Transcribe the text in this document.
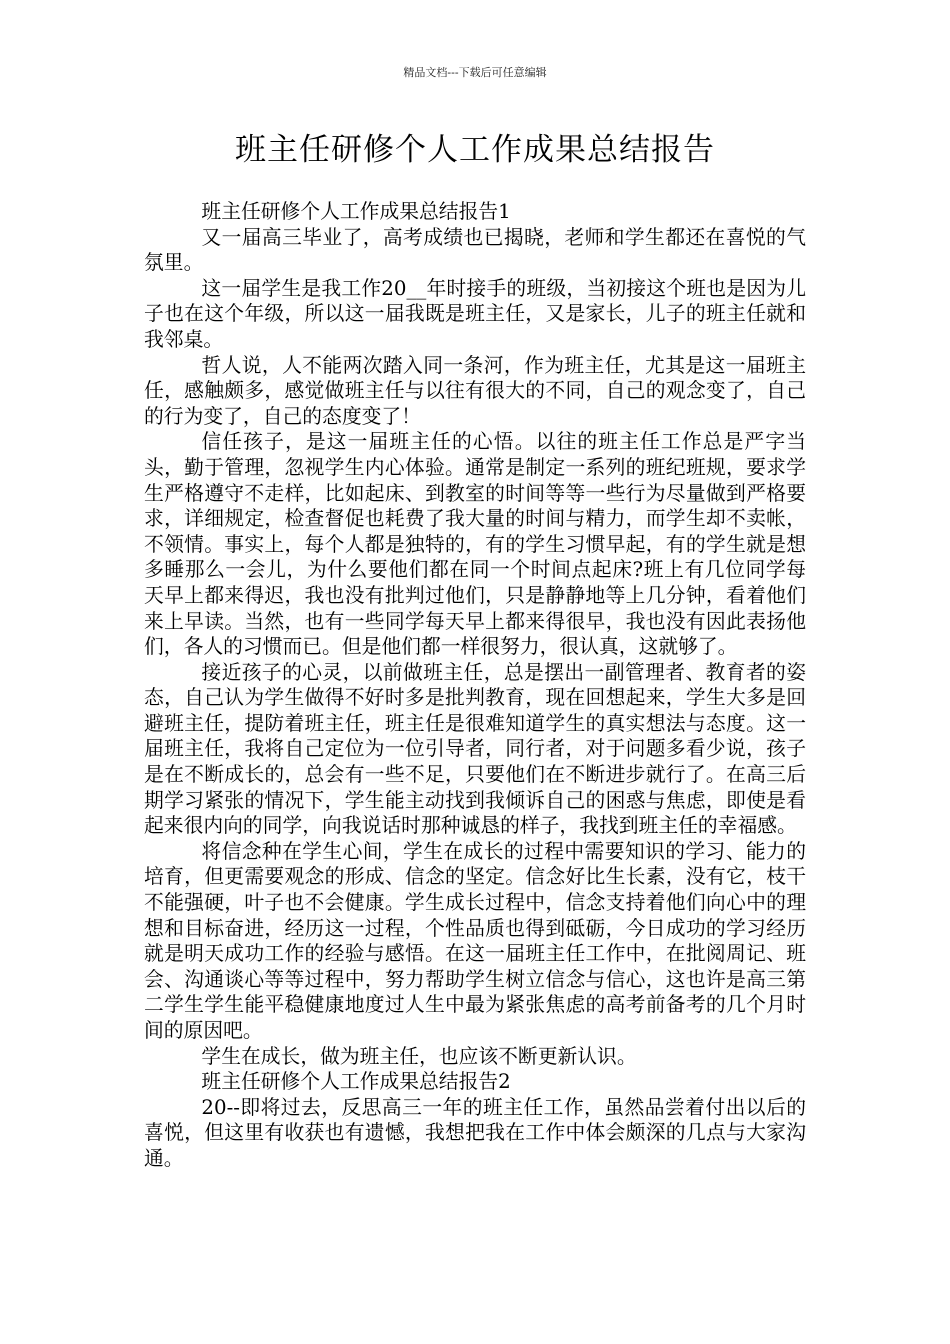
精品文档---下载后可任意编辑
班主任研修个人工作成果总结报告

班主任研修个人工作成果总结报告1

又一届高三毕业了，高考成绩也已揭晓，老师和学生都还在喜悦的气氛里。

这一届学生是我工作20__年时接手的班级，当初接这个班也是因为儿子也在这个年级，所以这一届我既是班主任，又是家长，儿子的班主任就和我邻桌。

哲人说，人不能两次踏入同一条河，作为班主任，尤其是这一届班主任，感触颇多，感觉做班主任与以往有很大的不同，自己的观念变了，自己的行为变了，自己的态度变了！

信任孩子，是这一届班主任的心悟。以往的班主任工作总是严字当头，勤于管理，忽视学生内心体验。通常是制定一系列的班纪班规，要求学生严格遵守不走样，比如起床、到教室的时间等等一些行为尽量做到严格要求，详细规定，检查督促也耗费了我大量的时间与精力，而学生却不卖帐，不领情。事实上，每个人都是独特的，有的学生习惯早起，有的学生就是想多睡那么一会儿，为什么要他们都在同一个时间点起床?班上有几位同学每天早上都来得迟，我也没有批判过他们，只是静静地等上几分钟，看着他们来上早读。当然，也有一些同学每天早上都来得很早，我也没有因此表扬他们，各人的习惯而已。但是他们都一样很努力，很认真，这就够了。

接近孩子的心灵，以前做班主任，总是摆出一副管理者、教育者的姿态，自己认为学生做得不好时多是批判教育，现在回想起来，学生大多是回避班主任，提防着班主任，班主任是很难知道学生的真实想法与态度。这一届班主任，我将自己定位为一位引导者，同行者，对于问题多看少说，孩子是在不断成长的，总会有一些不足，只要他们在不断进步就行了。在高三后期学习紧张的情况下，学生能主动找到我倾诉自己的困惑与焦虑，即使是看起来很内向的同学，向我说话时那种诚恳的样子，我找到班主任的幸福感。

将信念种在学生心间，学生在成长的过程中需要知识的学习、能力的培育，但更需要观念的形成、信念的坚定。信念好比生长素，没有它，枝干不能强硬，叶子也不会健康。学生成长过程中，信念支持着他们向心中的理想和目标奋进，经历这一过程，个性品质也得到砥砺，今日成功的学习经历就是明天成功工作的经验与感悟。在这一届班主任工作中，在批阅周记、班会、沟通谈心等等过程中，努力帮助学生树立信念与信心，这也许是高三第二学生学生能平稳健康地度过人生中最为紧张焦虑的高考前备考的几个月时间的原因吧。

学生在成长，做为班主任，也应该不断更新认识。

班主任研修个人工作成果总结报告2

20--即将过去，反思高三一年的班主任工作，虽然品尝着付出以后的喜悦，但这里有收获也有遗憾，我想把我在工作中体会颇深的几点与大家沟通。
